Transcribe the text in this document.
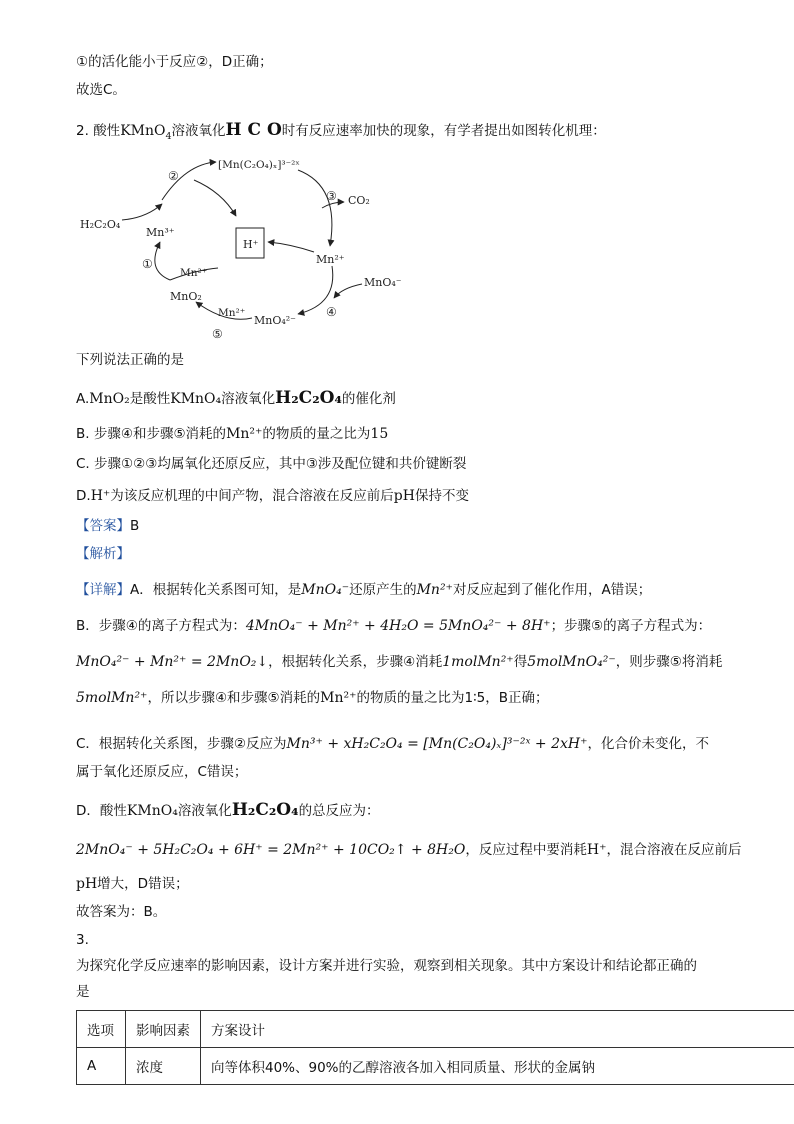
①的活化能小于反应②，D正确；
故选C。
2. 酸性KMnO$_4$溶液氧化H C O时有反应速率加快的现象，有学者提出如图转化机理：
H₂C₂O₄
Mn³⁺
[Mn(C₂O₄)ₓ]³⁻²ˣ
CO₂
H⁺
Mn²⁺
MnO₄⁻
MnO₄²⁻
Mn²⁺
MnO₂
Mn²⁺
①
②
③
④
⑤
下列说法正确的是
A.MnO₂是酸性KMnO₄溶液氧化H₂C₂O₄的催化剂
B. 步骤④和步骤⑤消耗的Mn²⁺的物质的量之比为15
C. 步骤①②③均属氧化还原反应，其中③涉及配位键和共价键断裂
D.H⁺为该反应机理的中间产物，混合溶液在反应前后pH保持不变
【答案】B
【解析】
【详解】A．根据转化关系图可知，是MnO₄⁻还原产生的Mn²⁺对反应起到了催化作用，A错误；
B．步骤④的离子方程式为：4MnO₄⁻ + Mn²⁺ + 4H₂O = 5MnO₄²⁻ + 8H⁺；步骤⑤的离子方程式为：
MnO₄²⁻ + Mn²⁺ = 2MnO₂↓，根据转化关系，步骤④消耗1molMn²⁺得5molMnO₄²⁻，则步骤⑤将消耗
5molMn²⁺，所以步骤④和步骤⑤消耗的Mn²⁺的物质的量之比为1∶5，B正确；
C．根据转化关系图，步骤②反应为Mn³⁺ + xH₂C₂O₄ = [Mn(C₂O₄)ₓ]³⁻²ˣ + 2xH⁺，化合价未变化，不
属于氧化还原反应，C错误；
D．酸性KMnO₄溶液氧化H₂C₂O₄的总反应为：
2MnO₄⁻ + 5H₂C₂O₄ + 6H⁺ = 2Mn²⁺ + 10CO₂↑ + 8H₂O，反应过程中要消耗H⁺，混合溶液在反应前后
pH增大，D错误；
故答案为：B。
3.
为探究化学反应速率的影响因素，设计方案并进行实验，观察到相关现象。其中方案设计和结论都正确的
是
选项	影响因素	方案设计
A	浓度	向等体积40%、90%的乙醇溶液各加入相同质量、形状的金属钠
